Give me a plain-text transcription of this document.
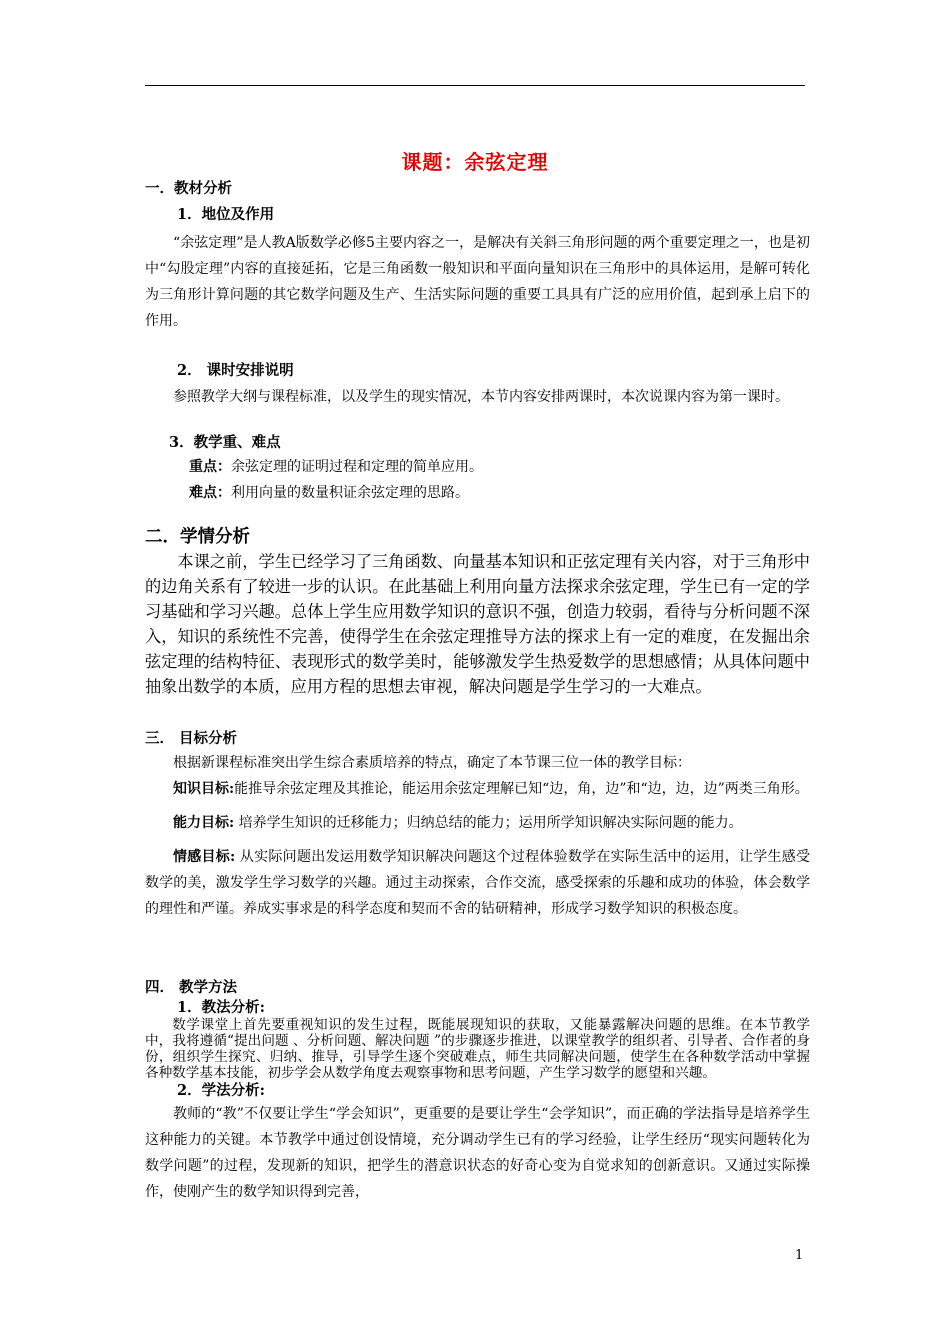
课题：余弦定理
一．教材分析
1．地位及作用
“余弦定理”是人教A版数学必修5主要内容之一，是解决有关斜三角形问题的两个重要定理之一，也是初中“勾股定理”内容的直接延拓，它是三角函数一般知识和平面向量知识在三角形中的具体运用，是解可转化为三角形计算问题的其它数学问题及生产、生活实际问题的重要工具具有广泛的应用价值，起到承上启下的作用。
2． 课时安排说明
参照教学大纲与课程标准，以及学生的现实情况，本节内容安排两课时，本次说课内容为第一课时。
3．教学重、难点
重点：余弦定理的证明过程和定理的简单应用。
难点：利用向量的数量积证余弦定理的思路。
二．学情分析
本课之前，学生已经学习了三角函数、向量基本知识和正弦定理有关内容，对于三角形中的边角关系有了较进一步的认识。在此基础上利用向量方法探求余弦定理，学生已有一定的学习基础和学习兴趣。总体上学生应用数学知识的意识不强，创造力较弱，看待与分析问题不深入，知识的系统性不完善，使得学生在余弦定理推导方法的探求上有一定的难度，在发掘出余弦定理的结构特征、表现形式的数学美时，能够激发学生热爱数学的思想感情；从具体问题中抽象出数学的本质，应用方程的思想去审视，解决问题是学生学习的一大难点。
三． 目标分析
根据新课程标准突出学生综合素质培养的特点，确定了本节课三位一体的教学目标：
知识目标:能推导余弦定理及其推论，能运用余弦定理解已知“边，角，边”和“边，边，边”两类三角形。
能力目标: 培养学生知识的迁移能力；归纳总结的能力；运用所学知识解决实际问题的能力。
情感目标: 从实际问题出发运用数学知识解决问题这个过程体验数学在实际生活中的运用，让学生感受数学的美，激发学生学习数学的兴趣。通过主动探索，合作交流，感受探索的乐趣和成功的体验，体会数学的理性和严谨。养成实事求是的科学态度和契而不舍的钻研精神，形成学习数学知识的积极态度。
四． 教学方法
1．教法分析:
数学课堂上首先要重视知识的发生过程，既能展现知识的获取，又能暴露解决问题的思维。在本节教学中，我将遵循“提出问题 、分析问题、解决问题 ”的步骤逐步推进，以课堂教学的组织者、引导者、合作者的身份，组织学生探究、归纳、推导，引导学生逐个突破难点，师生共同解决问题，使学生在各种数学活动中掌握各种数学基本技能，初步学会从数学角度去观察事物和思考问题，产生学习数学的愿望和兴趣。
2．学法分析:
教师的“教”不仅要让学生“学会知识”，更重要的是要让学生“会学知识”，而正确的学法指导是培养学生这种能力的关键。本节教学中通过创设情境，充分调动学生已有的学习经验，让学生经历“现实问题转化为数学问题”的过程，发现新的知识，把学生的潜意识状态的好奇心变为自觉求知的创新意识。又通过实际操作，使刚产生的数学知识得到完善，
1
